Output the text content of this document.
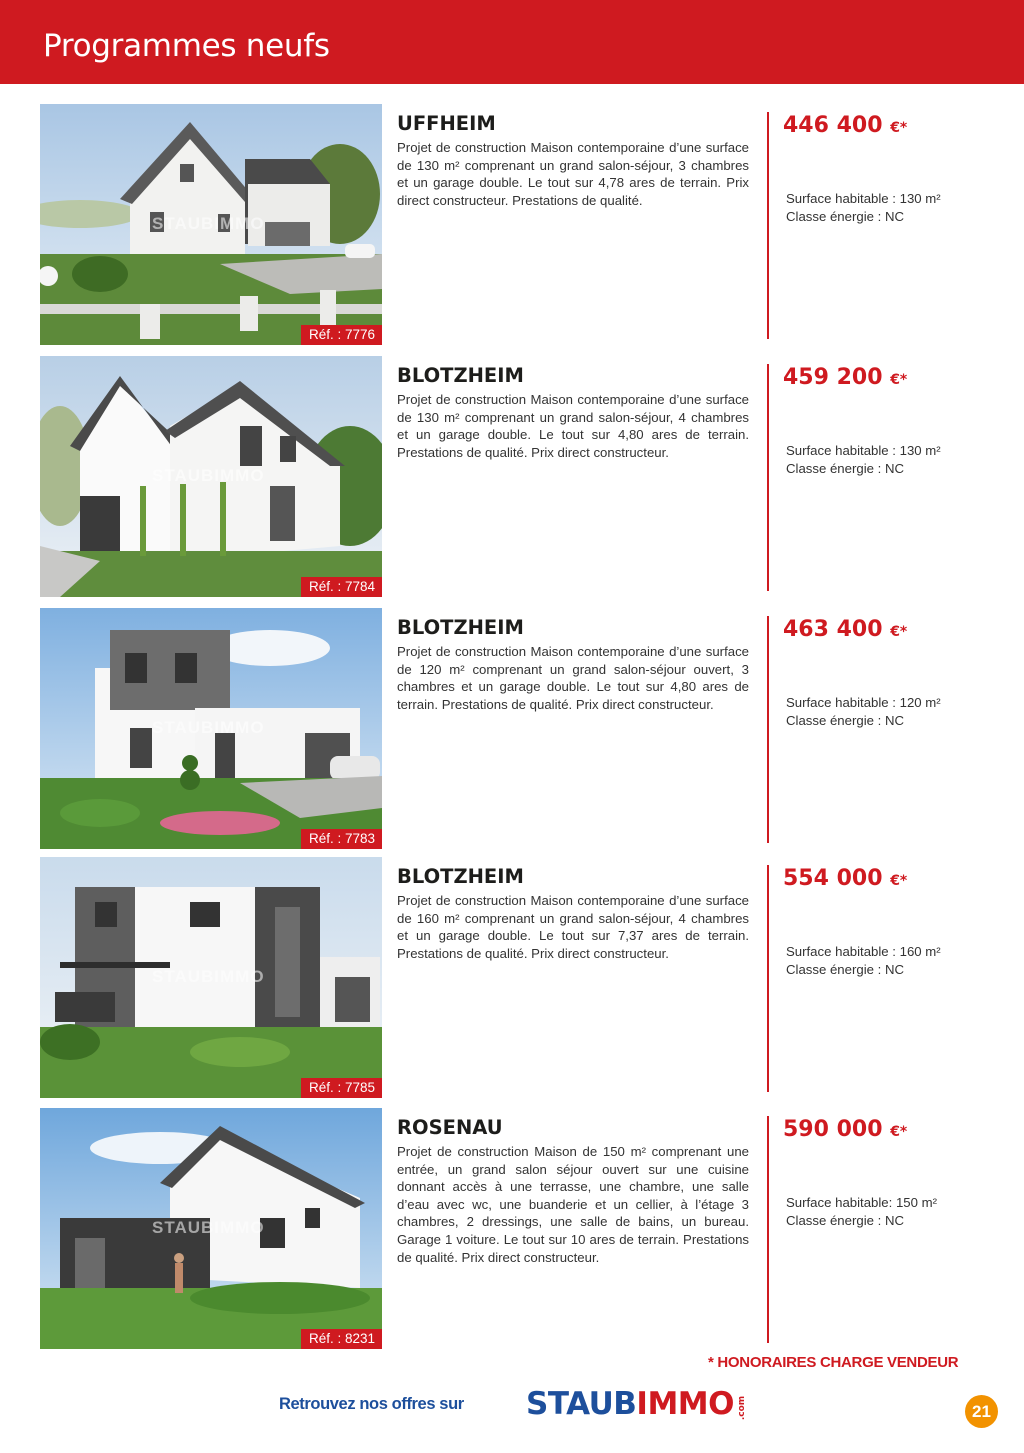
Programmes neufs
STAUBIMMO
Réf. : 7776
UFFHEIM

Projet de construction Maison contemporaine d’une surface de 130 m² comprenant un grand salon-séjour, 3 chambres et un garage double. Le tout sur 4,78 ares de terrain. Prix direct constructeur. Prestations de qualité.

446 400 €*
Surface habitable : 130 m²
Classe énergie : NC
STAUBIMMO
Réf. : 7784
BLOTZHEIM

Projet de construction Maison contemporaine d’une surface de 130 m² comprenant un grand salon-séjour, 4 chambres et un garage double. Le tout sur 4,80 ares de terrain. Prestations de qualité. Prix direct constructeur.

459 200 €*
Surface habitable : 130 m²
Classe énergie : NC
STAUBIMMO
Réf. : 7783
BLOTZHEIM

Projet de construction Maison contemporaine d’une surface de 120 m² comprenant un grand salon-séjour ouvert, 3 chambres et un garage double. Le tout sur 4,80 ares de terrain. Prestations de qualité. Prix direct constructeur.

463 400 €*
Surface habitable : 120 m²
Classe énergie : NC
STAUBIMMO
Réf. : 7785
BLOTZHEIM

Projet de construction Maison contemporaine d’une surface de 160 m² comprenant un grand salon-séjour, 4 chambres et un garage double. Le tout sur 7,37 ares de terrain. Prestations de qualité. Prix direct constructeur.

554 000 €*
Surface habitable : 160 m²
Classe énergie : NC
STAUBIMMO
Réf. : 8231
ROSENAU

Projet de construction Maison de 150 m² comprenant une entrée, un grand salon séjour ouvert sur une cuisine donnant accès à une terrasse, une chambre, une salle d’eau avec wc, une buanderie et un cellier, à l’étage 3 chambres, 2 dressings, une salle de bains, un bureau. Garage 1 voiture. Le tout sur 10 ares de terrain. Prestations de qualité. Prix direct constructeur.

590 000 €*
Surface habitable: 150 m²
Classe énergie : NC
* HONORAIRES CHARGE VENDEUR
Retrouvez nos offres sur STAUBIMMO .com	21
